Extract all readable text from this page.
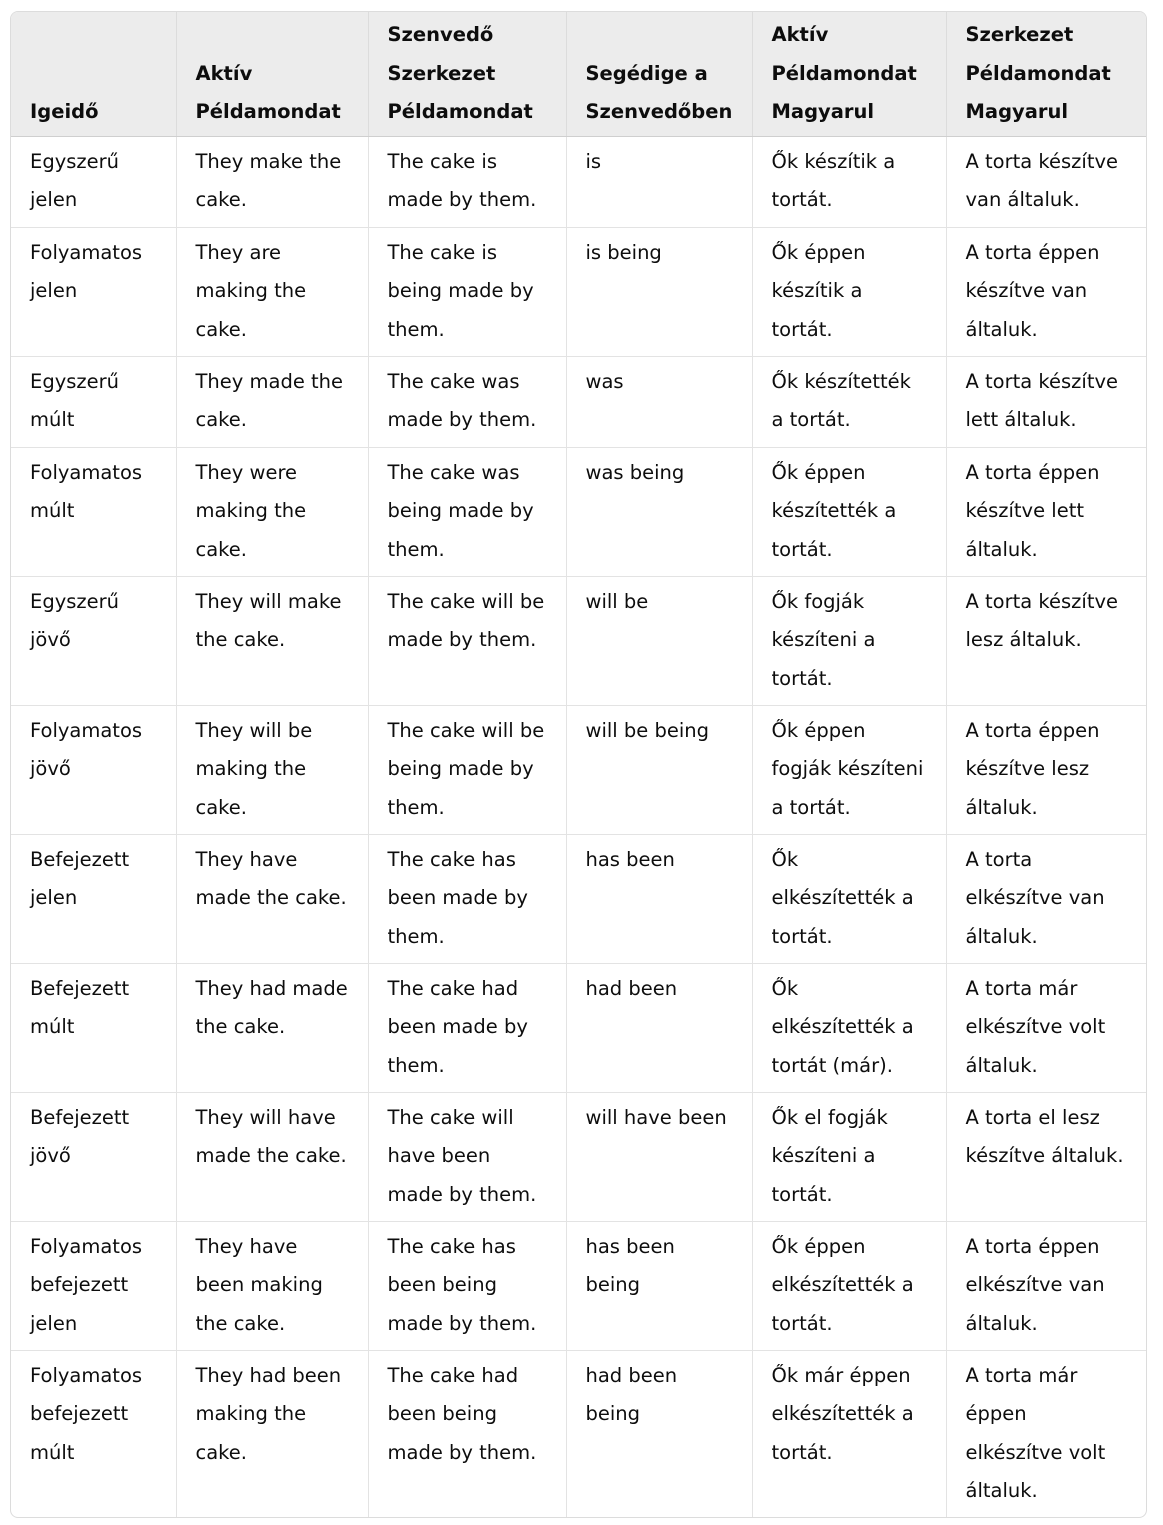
Igeidő	Aktív Példamondat	Szenvedő Szerkezet Példamondat	Segédige a Szenvedőben	Aktív Példamondat Magyarul	Szerkezet Példamondat Magyarul
Egyszerű jelen	They make the cake.	The cake is made by them.	is	Ők készítik a tortát.	A torta készítve van általuk.
Folyamatos jelen	They are making the cake.	The cake is being made by them.	is being	Ők éppen készítik a tortát.	A torta éppen készítve van általuk.
Egyszerű múlt	They made the cake.	The cake was made by them.	was	Ők készítették a tortát.	A torta készítve lett általuk.
Folyamatos múlt	They were making the cake.	The cake was being made by them.	was being	Ők éppen készítették a tortát.	A torta éppen készítve lett általuk.
Egyszerű jövő	They will make the cake.	The cake will be made by them.	will be	Ők fogják készíteni a tortát.	A torta készítve lesz általuk.
Folyamatos jövő	They will be making the cake.	The cake will be being made by them.	will be being	Ők éppen fogják készíteni a tortát.	A torta éppen készítve lesz általuk.
Befejezett jelen	They have made the cake.	The cake has been made by them.	has been	Ők elkészítették a tortát.	A torta elkészítve van általuk.
Befejezett múlt	They had made the cake.	The cake had been made by them.	had been	Ők elkészítették a tortát (már).	A torta már elkészítve volt általuk.
Befejezett jövő	They will have made the cake.	The cake will have been made by them.	will have been	Ők el fogják készíteni a tortát.	A torta el lesz készítve általuk.
Folyamatos befejezett jelen	They have been making the cake.	The cake has been being made by them.	has been being	Ők éppen elkészítették a tortát.	A torta éppen elkészítve van általuk.
Folyamatos befejezett múlt	They had been making the cake.	The cake had been being made by them.	had been being	Ők már éppen elkészítették a tortát.	A torta már éppen elkészítve volt általuk.
